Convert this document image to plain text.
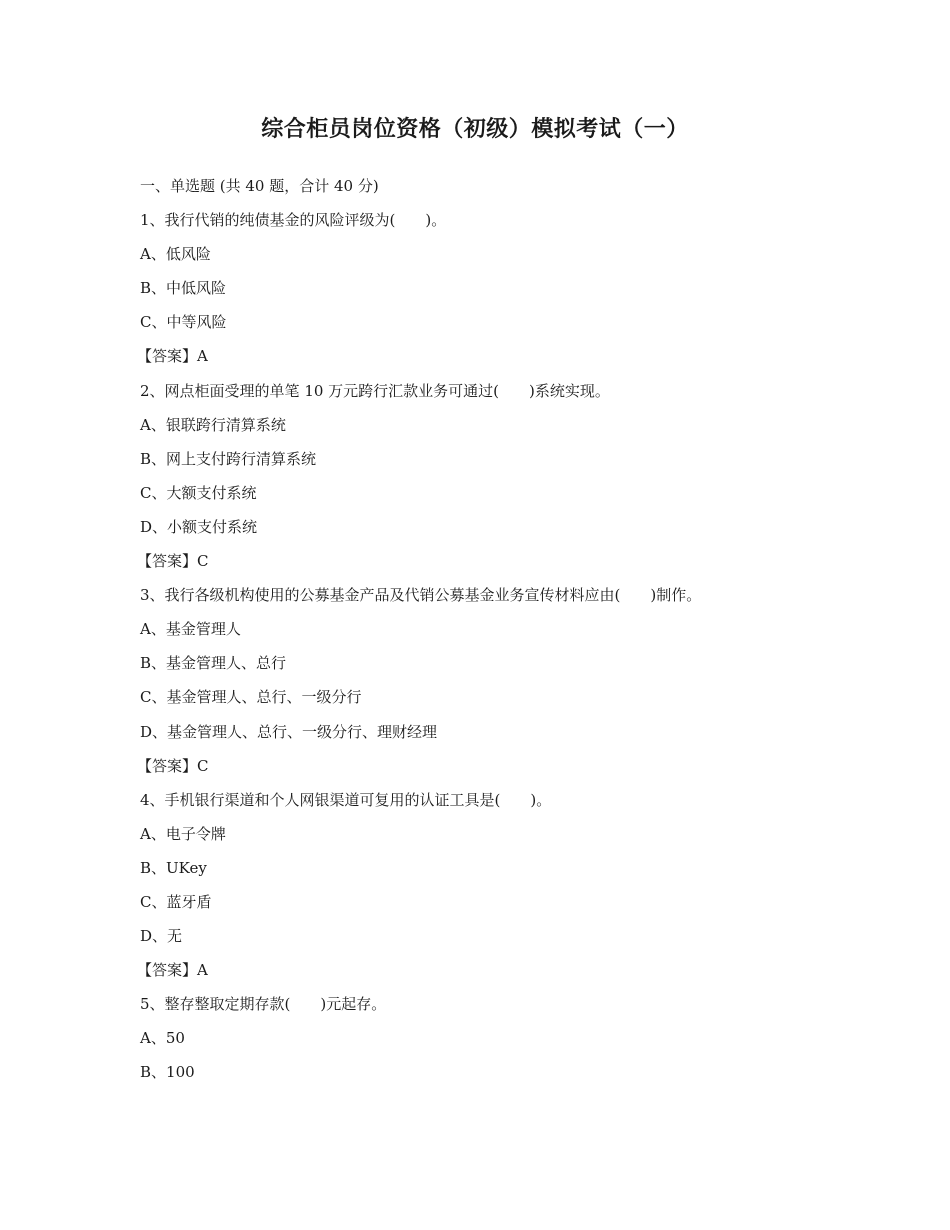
综合柜员岗位资格（初级）模拟考试（一）
一、单选题 (共 40 题，合计 40 分)
1、我行代销的纯债基金的风险评级为(　　)。
A、低风险
B、中低风险
C、中等风险
【答案】A
2、网点柜面受理的单笔 10 万元跨行汇款业务可通过(　　)系统实现。
A、银联跨行清算系统
B、网上支付跨行清算系统
C、大额支付系统
D、小额支付系统
【答案】C
3、我行各级机构使用的公募基金产品及代销公募基金业务宣传材料应由(　　)制作。
A、基金管理人
B、基金管理人、总行
C、基金管理人、总行、一级分行
D、基金管理人、总行、一级分行、理财经理
【答案】C
4、手机银行渠道和个人网银渠道可复用的认证工具是(　　)。
A、电子令牌
B、UKey
C、蓝牙盾
D、无
【答案】A
5、整存整取定期存款(　　)元起存。
A、50
B、100
